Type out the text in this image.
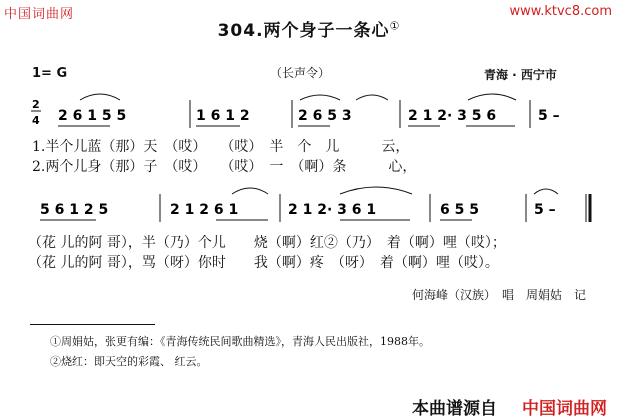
中国词曲网	www.ktvc8.com
304.两个身子一条心①
1= G	（长声令）	青海 · 西宁市
2
4 2 6 1 5 5	1 6 1 2	2 6 5 3	2 1 2· 3 5 6	5 –
5 6 1 2 5	2 1 2 6 1	2 1 2· 3 6 1	6 5 5	5 –
1.半个儿蓝（那）天　（哎）　　（哎）　半　个　儿　　　云，
2.两个儿身（那）子　（哎）　　（哎）　一　（啊）条　　　心，
（花 儿的阿 哥），半（乃）个儿　　烧（啊）红②（乃）　着（啊）哩（哎）；
（花 儿的阿 哥），骂（呀）你时　　我（啊）疼　（呀）　着（啊）哩（哎）。
何海峰（汉族）　唱　周娟姑　记
①周娟姑，张更有编：《青海传统民间歌曲精选》，青海人民出版社，1988年。
②烧红：即天空的彩霞、 红云。
本曲谱源自 中国词曲网
